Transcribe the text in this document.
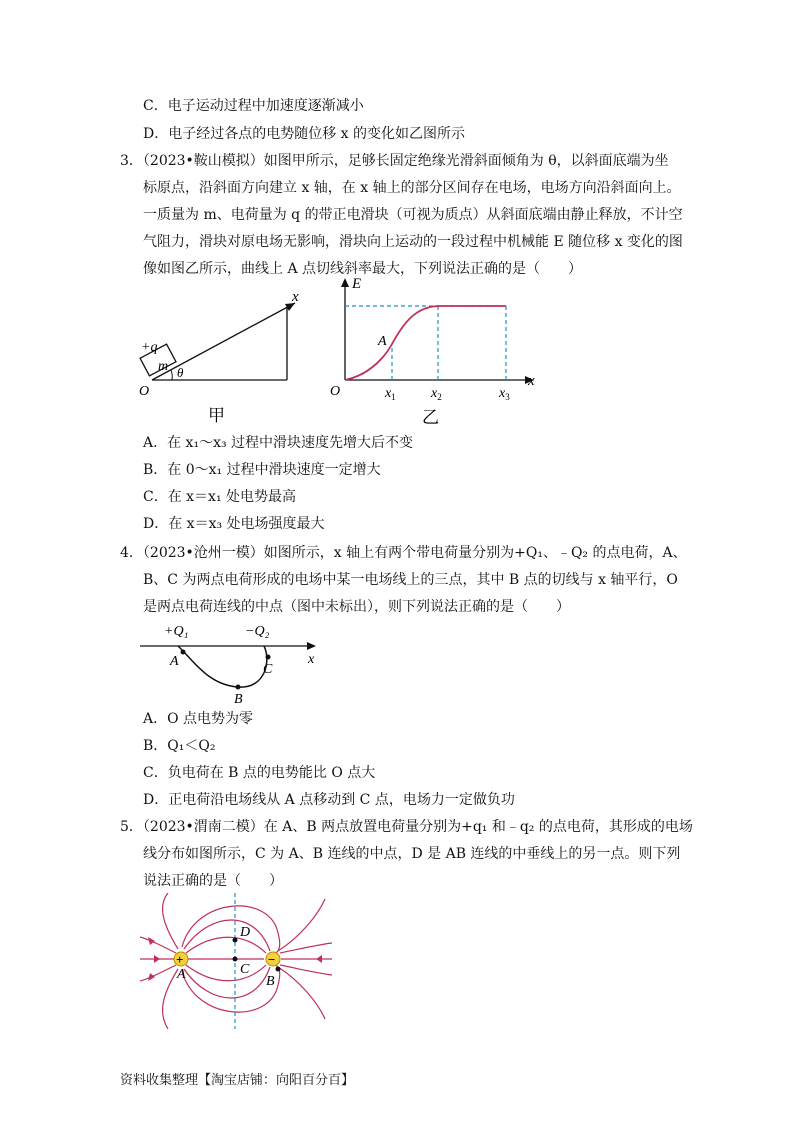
C．电子运动过程中加速度逐渐减小
D．电子经过各点的电势随位移 x 的变化如乙图所示
3．（2023•鞍山模拟）如图甲所示，足够长固定绝缘光滑斜面倾角为 θ，以斜面底端为坐
标原点，沿斜面方向建立 x 轴，在 x 轴上的部分区间存在电场，电场方向沿斜面向上。
一质量为 m、电荷量为 q 的带正电滑块（可视为质点）从斜面底端由静止释放，不计空
气阻力，滑块对原电场无影响，滑块向上运动的一段过程中机械能 E 随位移 x 变化的图
像如图乙所示，曲线上 A 点切线斜率最大，下列说法正确的是（　　）
x
m
+q
θ
O
甲
E
x
O
A
$x_1$	$x_2$	$x_3$
乙
A．在 x₁～x₃ 过程中滑块速度先增大后不变
B．在 0～x₁ 过程中滑块速度一定增大
C．在 x＝x₁ 处电势最高
D．在 x＝x₃ 处电场强度最大
4．（2023•沧州一模）如图所示，x 轴上有两个带电荷量分别为+Q₁、﹣Q₂ 的点电荷，A、
B、C 为两点电荷形成的电场中某一电场线上的三点，其中 B 点的切线与 x 轴平行，O
是两点电荷连线的中点（图中未标出），则下列说法正确的是（　　）
x
+Q₁	−Q₂
A
B
C
A．O 点电势为零
B．Q₁＜Q₂
C．负电荷在 B 点的电势能比 O 点大
D．正电荷沿电场线从 A 点移动到 C 点，电场力一定做负功
5．（2023•渭南二模）在 A、B 两点放置电荷量分别为+q₁ 和﹣q₂ 的点电荷，其形成的电场
线分布如图所示，C 为 A、B 连线的中点，D 是 AB 连线的中垂线上的另一点。则下列
说法正确的是（　　）
+	−
D
C
A	B
资料收集整理【淘宝店铺：向阳百分百】
